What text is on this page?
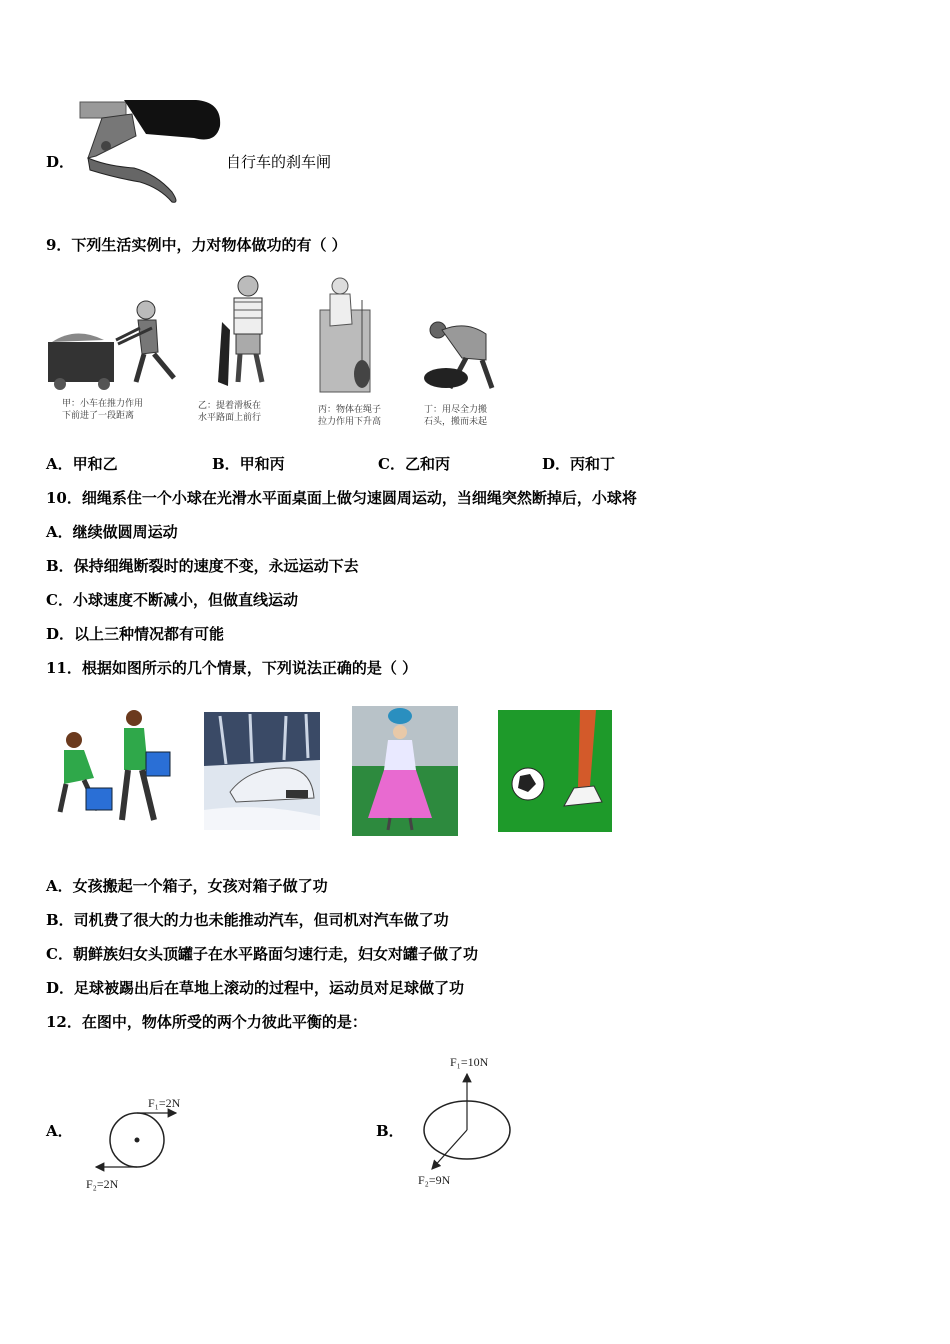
D．	自行车的刹车闸
9．下列生活实例中，力对物体做功的有（ ）
甲：小车在推力作用
下前进了一段距离
乙：提着滑板在
水平路面上前行
丙：物体在绳子
拉力作用下升高
丁：用尽全力搬
石头，搬而未起
A．甲和乙	B．甲和丙	C．乙和丙	D．丙和丁
10．细绳系住一个小球在光滑水平面桌面上做匀速圆周运动，当细绳突然断掉后，小球将
A．继续做圆周运动
B．保持细绳断裂时的速度不变，永远运动下去
C．小球速度不断减小，但做直线运动
D．以上三种情况都有可能
11．根据如图所示的几个情景，下列说法正确的是（ ）
A．女孩搬起一个箱子，女孩对箱子做了功
B．司机费了很大的力也未能推动汽车，但司机对汽车做了功
C．朝鲜族妇女头顶罐子在水平路面匀速行走，妇女对罐子做了功
D．足球被踢出后在草地上滚动的过程中，运动员对足球做了功
12．在图中，物体所受的两个力彼此平衡的是：
A．
F₁=2N
F₂=2N
B．
F₁=10N
F₂=9N
